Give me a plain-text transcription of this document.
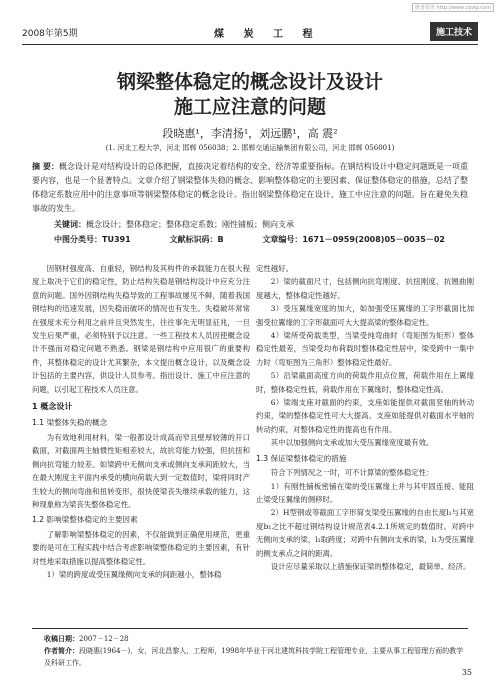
维普资讯 http://www.cqvip.com
2008年第5期	煤 炭 工 程	施工技术
钢梁整体稳定的概念设计及设计
施工应注意的问题
段晓惠¹，李清扬¹，刘远鹏¹，高 震²
(1. 河北工程大学，河北 邯郸 056038；2. 邯郸交通运输集团有限公司，河北 邯郸 056001)
摘 要：概念设计是对结构设计的总体把握，直接决定着结构的安全、经济等重要指标。在钢结构设计中稳定问题既是一项重要内容，也是一个显著特点。文章介绍了钢梁整体失稳的概念、影响整体稳定的主要因素、保证整体稳定的措施，总结了整体稳定系数应用中的注意事项等钢梁整体稳定的概念设计。指出钢梁整体稳定在设计、施工中应注意的问题。旨在避免失稳事故的发生。
关键词：概念设计；整体稳定；整体稳定系数；刚性铺板；侧向支承
中图分类号：TU391	文献标识码：B	文章编号：1671－0959(2008)05－0035－02

因钢材强度高、自重轻，钢结构及其构件的承载能力在很大程度上取决于它们的稳定性，防止结构失稳是钢结构设计中应充分注意的问题。国外因钢结构失稳导致的工程事故屡见不鲜，随着我国钢结构的迅速发展，因失稳而破坏的情况也有发生。失稳破坏常常在强度未充分利用之前并且突然发生，往往事先无明显征兆，一旦发生后果严重，必须特别予以注意。一些工程技术人员因使概念设计不强而对稳定问题不熟悉。钢梁是钢结构中应用很广的重要构件，其整体稳定的设计尤其繁杂，本文提出概念设计，以及概念设计包括的主要内容，供设计人员参考。指出设计、施工中应注意的问题，以引起工程技术人员注意。

1 概念设计

1.1 梁整体失稳的概念

为有效地利用材料，梁一般都设计成高而窄且壁厚较薄的开口截面，对截面两主轴惯性矩相差较大，故抗弯能力较强，但抗扭和侧向抗弯能力较差。如梁跨中无侧向支承或侧向支承间距较大，当在最大刚度主平面内承受的横向荷载大到一定数值时，梁将同时产生较大的侧向弯曲和扭转变形，很快使梁丧失继续承载的能力，这种现象称为梁丧失整体稳定性。

1.2 影响梁整体稳定的主要因素

了解影响梁整体稳定的因素，不仅能做到正确使用规范，更重要的是可在工程实践中结合考虑影响梁整体稳定的主要因素，有针对性地采取措施以提高整体稳定性。

1）梁的跨度或受压翼缘侧向支承的间距越小，整体稳

定性越好。

2）梁的截面尺寸，包括侧向抗弯刚度、抗扭刚度、抗翘曲刚度越大，整体稳定性越好。

3）受压翼缘宽度的加大，如加强受压翼缘的工字形截面比加强受拉翼缘的工字形截面可大大提高梁的整体稳定性。

4）梁所受荷载类型，当梁受纯弯曲时（弯矩图为矩形）整体稳定性最差，当梁受均布荷载时整体稳定性居中，梁受跨中一集中力时（弯矩图为三角形）整体稳定性最好。

5）沿梁截面高度方向的荷载作用点位置，荷载作用在上翼缘时，整体稳定性低，荷载作用在下翼缘时，整体稳定性高。

6）梁端支座对截面的约束，支座如能提供对截面竖轴的转动约束，梁的整体稳定性可大大提高。支座如能提供对截面水平轴的转动约束，对整体稳定性的提高也有作用。

其中以加强侧向支承或加大受压翼缘宽度最有效。

1.3 保证梁整体稳定的措施

符合下列情况之一时，可不计算梁的整体稳定性：

1）有刚性铺板密铺在梁的受压翼缘上并与其牢固连接、能阻止梁受压翼缘的侧移时。

2）H型钢或等截面工字形简支梁受压翼缘的自由长度l₁与其宽度b₁之比不超过钢结构设计规范表4.2.1所规定的数值时。对跨中无侧向支承的梁，l₁取跨度；对跨中有侧向支承的梁，l₁为受压翼缘的侧支承点之间的距离。

设计应尽量采取以上措施保证梁的整体稳定，最简单、经济。

收稿日期：2007－12－28
作者简介：段晓惠(1964－)，女，河北昌黎人，工程师，1998年毕业于河北建筑科技学院工程管理专业，主要从事工程管理方面的教学及科研工作。
35
